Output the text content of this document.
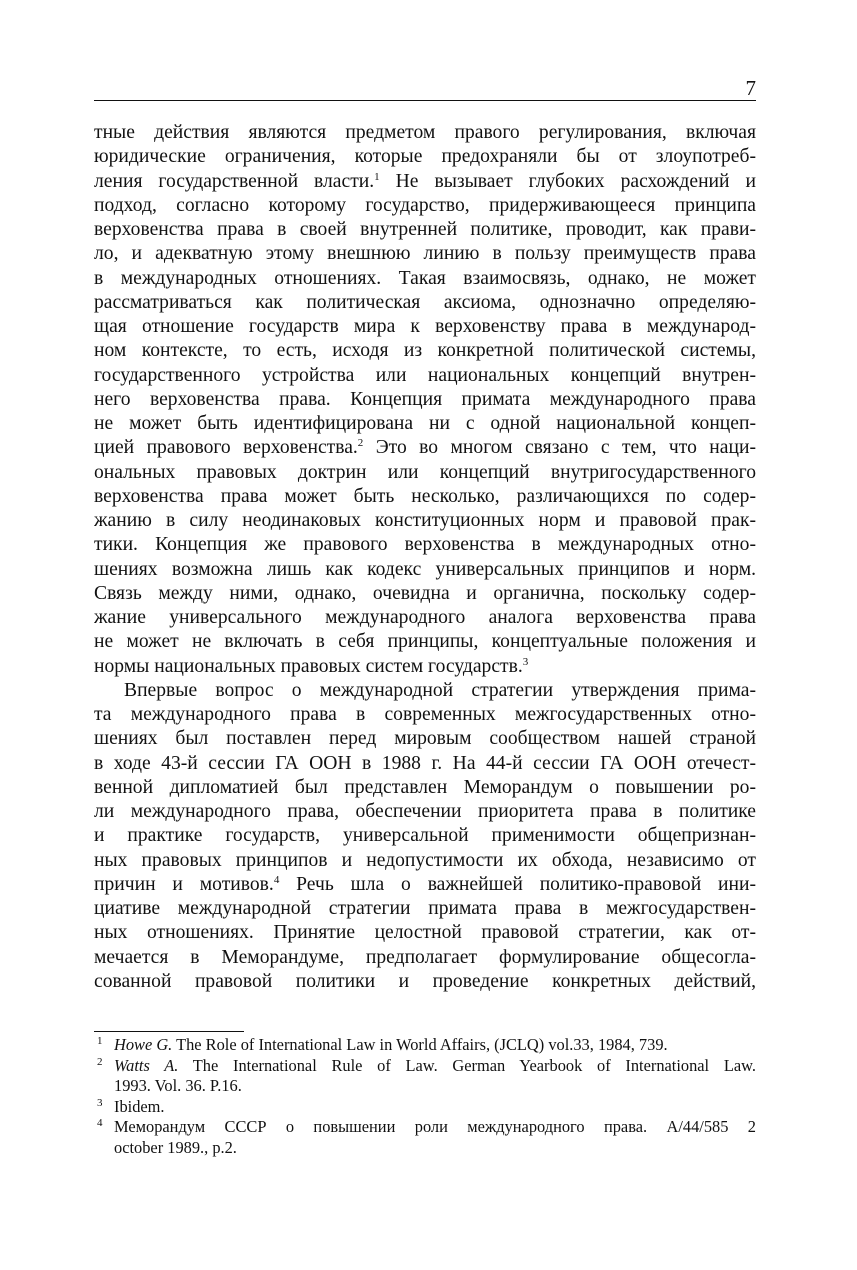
7
тные действия являются предметом правого регулирования, включая
юридические ограничения, которые предохраняли бы от злоупотреб-
ления государственной власти.$^1$ Не вызывает глубоких расхождений и
подход, согласно которому государство, придерживающееся принципа
верховенства права в своей внутренней политике, проводит, как прави-
ло, и адекватную этому внешнюю линию в пользу преимуществ права
в международных отношениях. Такая взаимосвязь, однако, не может
рассматриваться как политическая аксиома, однозначно определяю-
щая отношение государств мира к верховенству права в международ-
ном контексте, то есть, исходя из конкретной политической системы,
государственного устройства или национальных концепций внутрен-
него верховенства права. Концепция примата международного права
не может быть идентифицирована ни с одной национальной концеп-
цией правового верховенства.$^2$ Это во многом связано с тем, что наци-
ональных правовых доктрин или концепций внутригосударственного
верховенства права может быть несколько, различающихся по содер-
жанию в силу неодинаковых конституционных норм и правовой прак-
тики. Концепция же правового верховенства в международных отно-
шениях возможна лишь как кодекс универсальных принципов и норм.
Связь между ними, однако, очевидна и органична, поскольку содер-
жание универсального международного аналога верховенства права
не может не включать в себя принципы, концептуальные положения и
нормы национальных правовых систем государств.$^3$
Впервые вопрос о международной стратегии утверждения прима-
та международного права в современных межгосударственных отно-
шениях был поставлен перед мировым сообществом нашей страной
в ходе 43-й сессии ГА ООН в 1988 г. На 44-й сессии ГА ООН отечест-
венной дипломатией был представлен Меморандум о повышении ро-
ли международного права, обеспечении приоритета права в политике
и практике государств, универсальной применимости общепризнан-
ных правовых принципов и недопустимости их обхода, независимо от
причин и мотивов.$^4$ Речь шла о важнейшей политико-правовой ини-
циативе международной стратегии примата права в межгосударствен-
ных отношениях. Принятие целостной правовой стратегии, как от-
мечается в Меморандуме, предполагает формулирование общесогла-
сованной правовой политики и проведение конкретных действий,
1 Howe G. The Role of International Law in World Affairs, (JCLQ) vol.33, 1984, 739.
2 Watts A. The International Rule of Law. German Yearbook of International Law.
1993. Vol. 36. P.16.
3 Ibidem.
4 Меморандум СССР о повышении роли международного права. A/44/585 2
october 1989., p.2.
